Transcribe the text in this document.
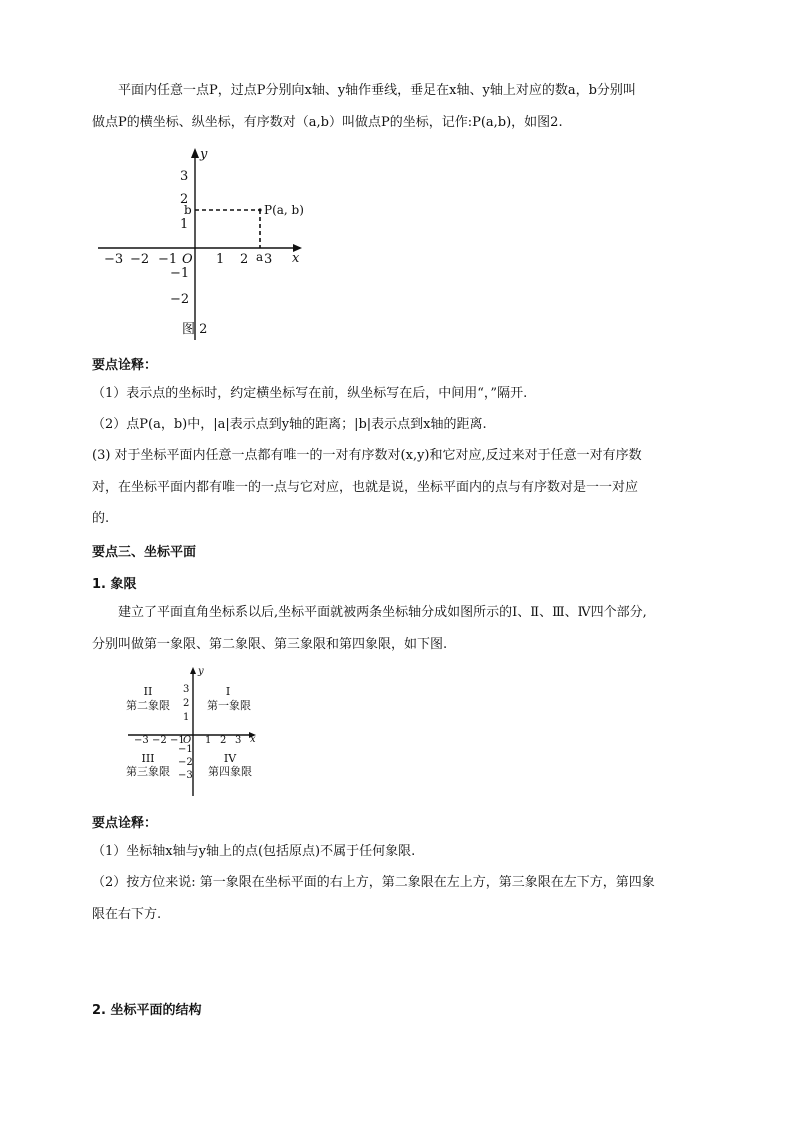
平面内任意一点P，过点P分别向x轴、y轴作垂线，垂足在x轴、y轴上对应的数a，b分别叫
做点P的横坐标、纵坐标，有序数对（a,b）叫做点P的坐标，记作:P(a,b)，如图2.
y
x
O
P(a, b)
b
a
3
2
1
−1
−2
−3 −2 −1	1 2 3
图 2
要点诠释：
（1）表示点的坐标时，约定横坐标写在前，纵坐标写在后，中间用“，”隔开.
（2）点P(a，b)中，|a|表示点到y轴的距离；|b|表示点到x轴的距离.
(3) 对于坐标平面内任意一点都有唯一的一对有序数对(x,y)和它对应,反过来对于任意一对有序数
对，在坐标平面内都有唯一的一点与它对应，也就是说，坐标平面内的点与有序数对是一一对应
的.
要点三、坐标平面
1. 象限
建立了平面直角坐标系以后,坐标平面就被两条坐标轴分成如图所示的Ⅰ、Ⅱ、Ⅲ、Ⅳ四个部分,
分别叫做第一象限、第二象限、第三象限和第四象限，如下图.
y
x
O
I
第一象限
II
第二象限
III
第三象限
IV
第四象限
3
2
1
−1
−2
−3
−3 −2 −1 1 2 3
要点诠释：
（1）坐标轴x轴与y轴上的点(包括原点)不属于任何象限.
（2）按方位来说: 第一象限在坐标平面的右上方，第二象限在左上方，第三象限在左下方，第四象
限在右下方.
2. 坐标平面的结构
